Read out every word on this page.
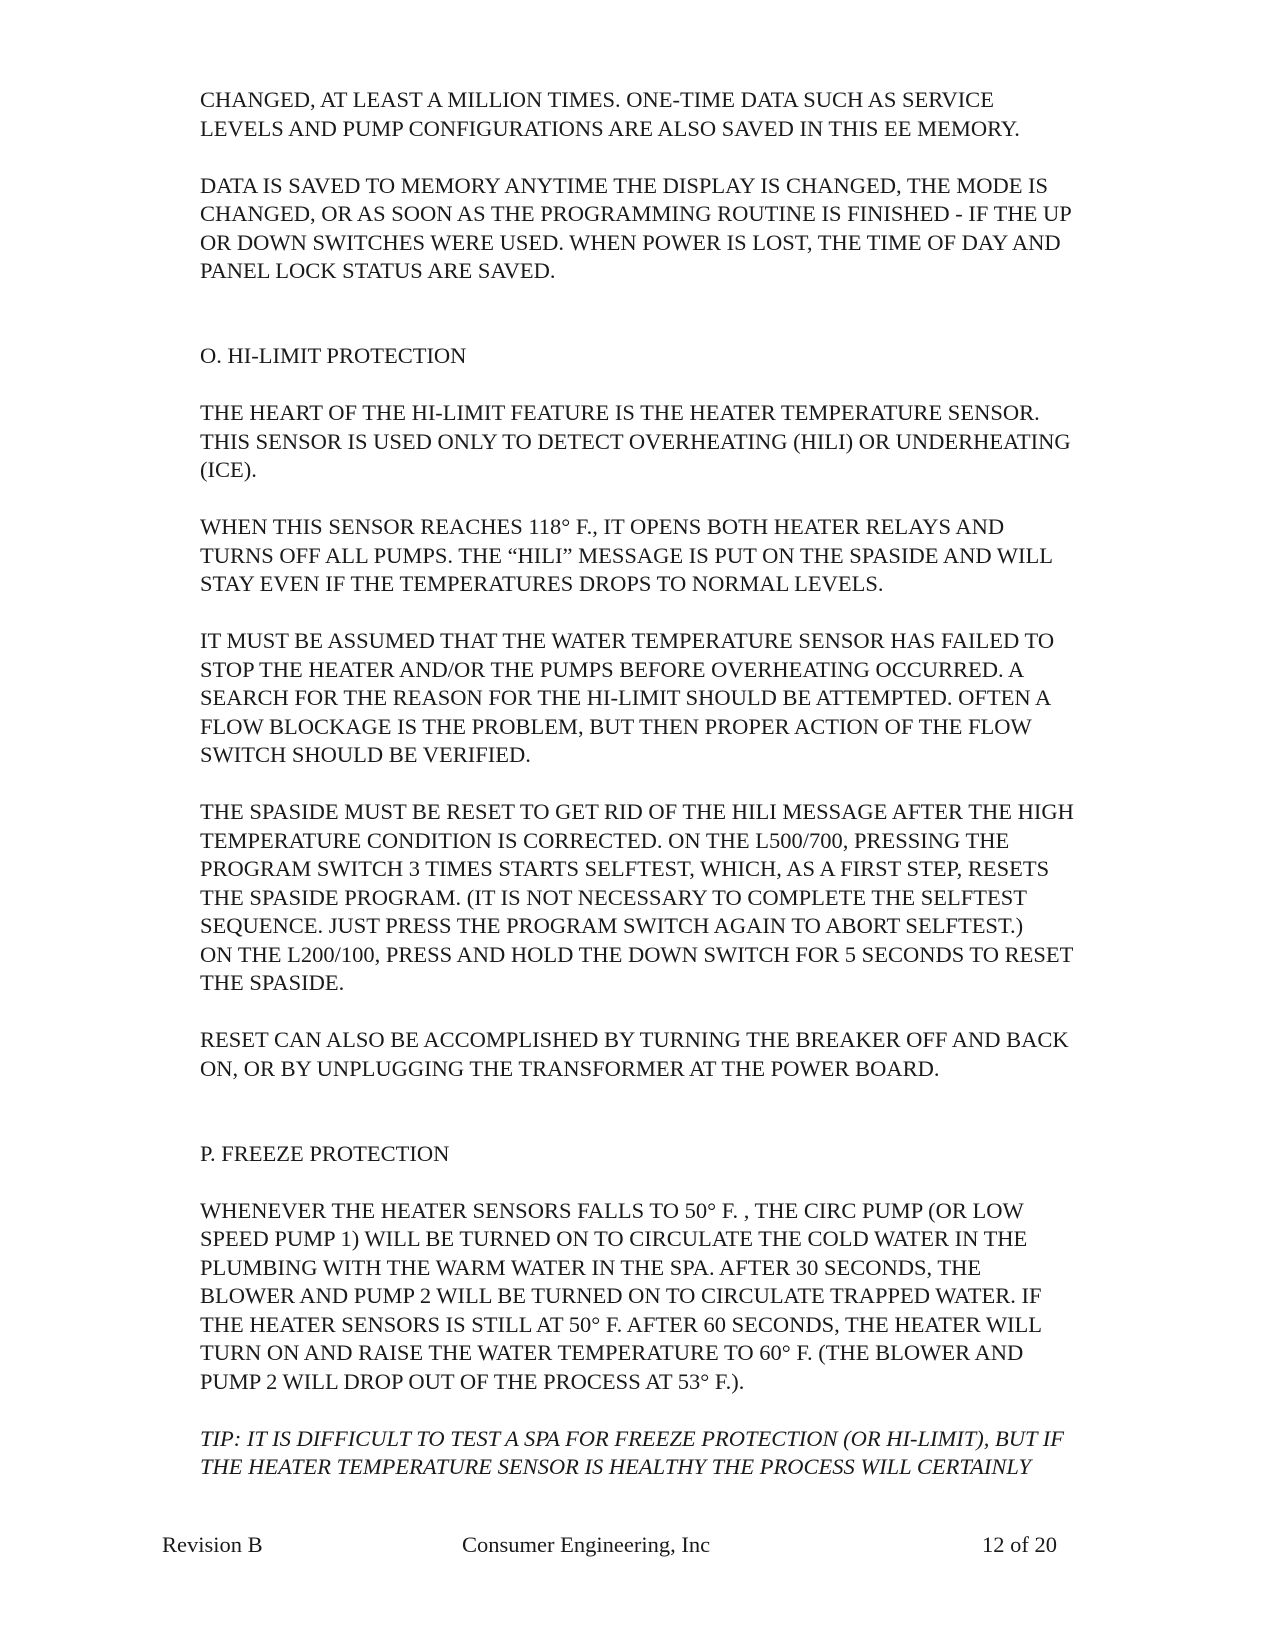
CHANGED, AT LEAST A MILLION TIMES. ONE-TIME DATA SUCH AS SERVICE
LEVELS AND PUMP CONFIGURATIONS ARE ALSO SAVED IN THIS EE MEMORY.

DATA IS SAVED TO MEMORY ANYTIME THE DISPLAY IS CHANGED, THE MODE IS
CHANGED, OR AS SOON AS THE PROGRAMMING ROUTINE IS FINISHED - IF THE UP
OR DOWN SWITCHES WERE USED. WHEN POWER IS LOST, THE TIME OF DAY AND
PANEL LOCK STATUS ARE SAVED.

O. HI-LIMIT PROTECTION

THE HEART OF THE HI-LIMIT FEATURE IS THE HEATER TEMPERATURE SENSOR.
THIS SENSOR IS USED ONLY TO DETECT OVERHEATING (HILI) OR UNDERHEATING
(ICE).

WHEN THIS SENSOR REACHES 118° F., IT OPENS BOTH HEATER RELAYS AND
TURNS OFF ALL PUMPS. THE “HILI” MESSAGE IS PUT ON THE SPASIDE AND WILL
STAY EVEN IF THE TEMPERATURES DROPS TO NORMAL LEVELS.

IT MUST BE ASSUMED THAT THE WATER TEMPERATURE SENSOR HAS FAILED TO
STOP THE HEATER AND/OR THE PUMPS BEFORE OVERHEATING OCCURRED. A
SEARCH FOR THE REASON FOR THE HI-LIMIT SHOULD BE ATTEMPTED. OFTEN A
FLOW BLOCKAGE IS THE PROBLEM, BUT THEN PROPER ACTION OF THE FLOW
SWITCH SHOULD BE VERIFIED.

THE SPASIDE MUST BE RESET TO GET RID OF THE HILI MESSAGE AFTER THE HIGH
TEMPERATURE CONDITION IS CORRECTED. ON THE L500/700, PRESSING THE
PROGRAM SWITCH 3 TIMES STARTS SELFTEST, WHICH, AS A FIRST STEP, RESETS
THE SPASIDE PROGRAM. (IT IS NOT NECESSARY TO COMPLETE THE SELFTEST
SEQUENCE. JUST PRESS THE PROGRAM SWITCH AGAIN TO ABORT SELFTEST.)
ON THE L200/100, PRESS AND HOLD THE DOWN SWITCH FOR 5 SECONDS TO RESET
THE SPASIDE.

RESET CAN ALSO BE ACCOMPLISHED BY TURNING THE BREAKER OFF AND BACK
ON, OR BY UNPLUGGING THE TRANSFORMER AT THE POWER BOARD.

P. FREEZE PROTECTION

WHENEVER THE HEATER SENSORS FALLS TO 50° F. , THE CIRC PUMP (OR LOW
SPEED PUMP 1) WILL BE TURNED ON TO CIRCULATE THE COLD WATER IN THE
PLUMBING WITH THE WARM WATER IN THE SPA. AFTER 30 SECONDS, THE
BLOWER AND PUMP 2 WILL BE TURNED ON TO CIRCULATE TRAPPED WATER. IF
THE HEATER SENSORS IS STILL AT 50° F. AFTER 60 SECONDS, THE HEATER WILL
TURN ON AND RAISE THE WATER TEMPERATURE TO 60° F. (THE BLOWER AND
PUMP 2 WILL DROP OUT OF THE PROCESS AT 53° F.).

TIP: IT IS DIFFICULT TO TEST A SPA FOR FREEZE PROTECTION (OR HI-LIMIT), BUT IF
THE HEATER TEMPERATURE SENSOR IS HEALTHY THE PROCESS WILL CERTAINLY

Revision B	Consumer Engineering, Inc	12 of 20
